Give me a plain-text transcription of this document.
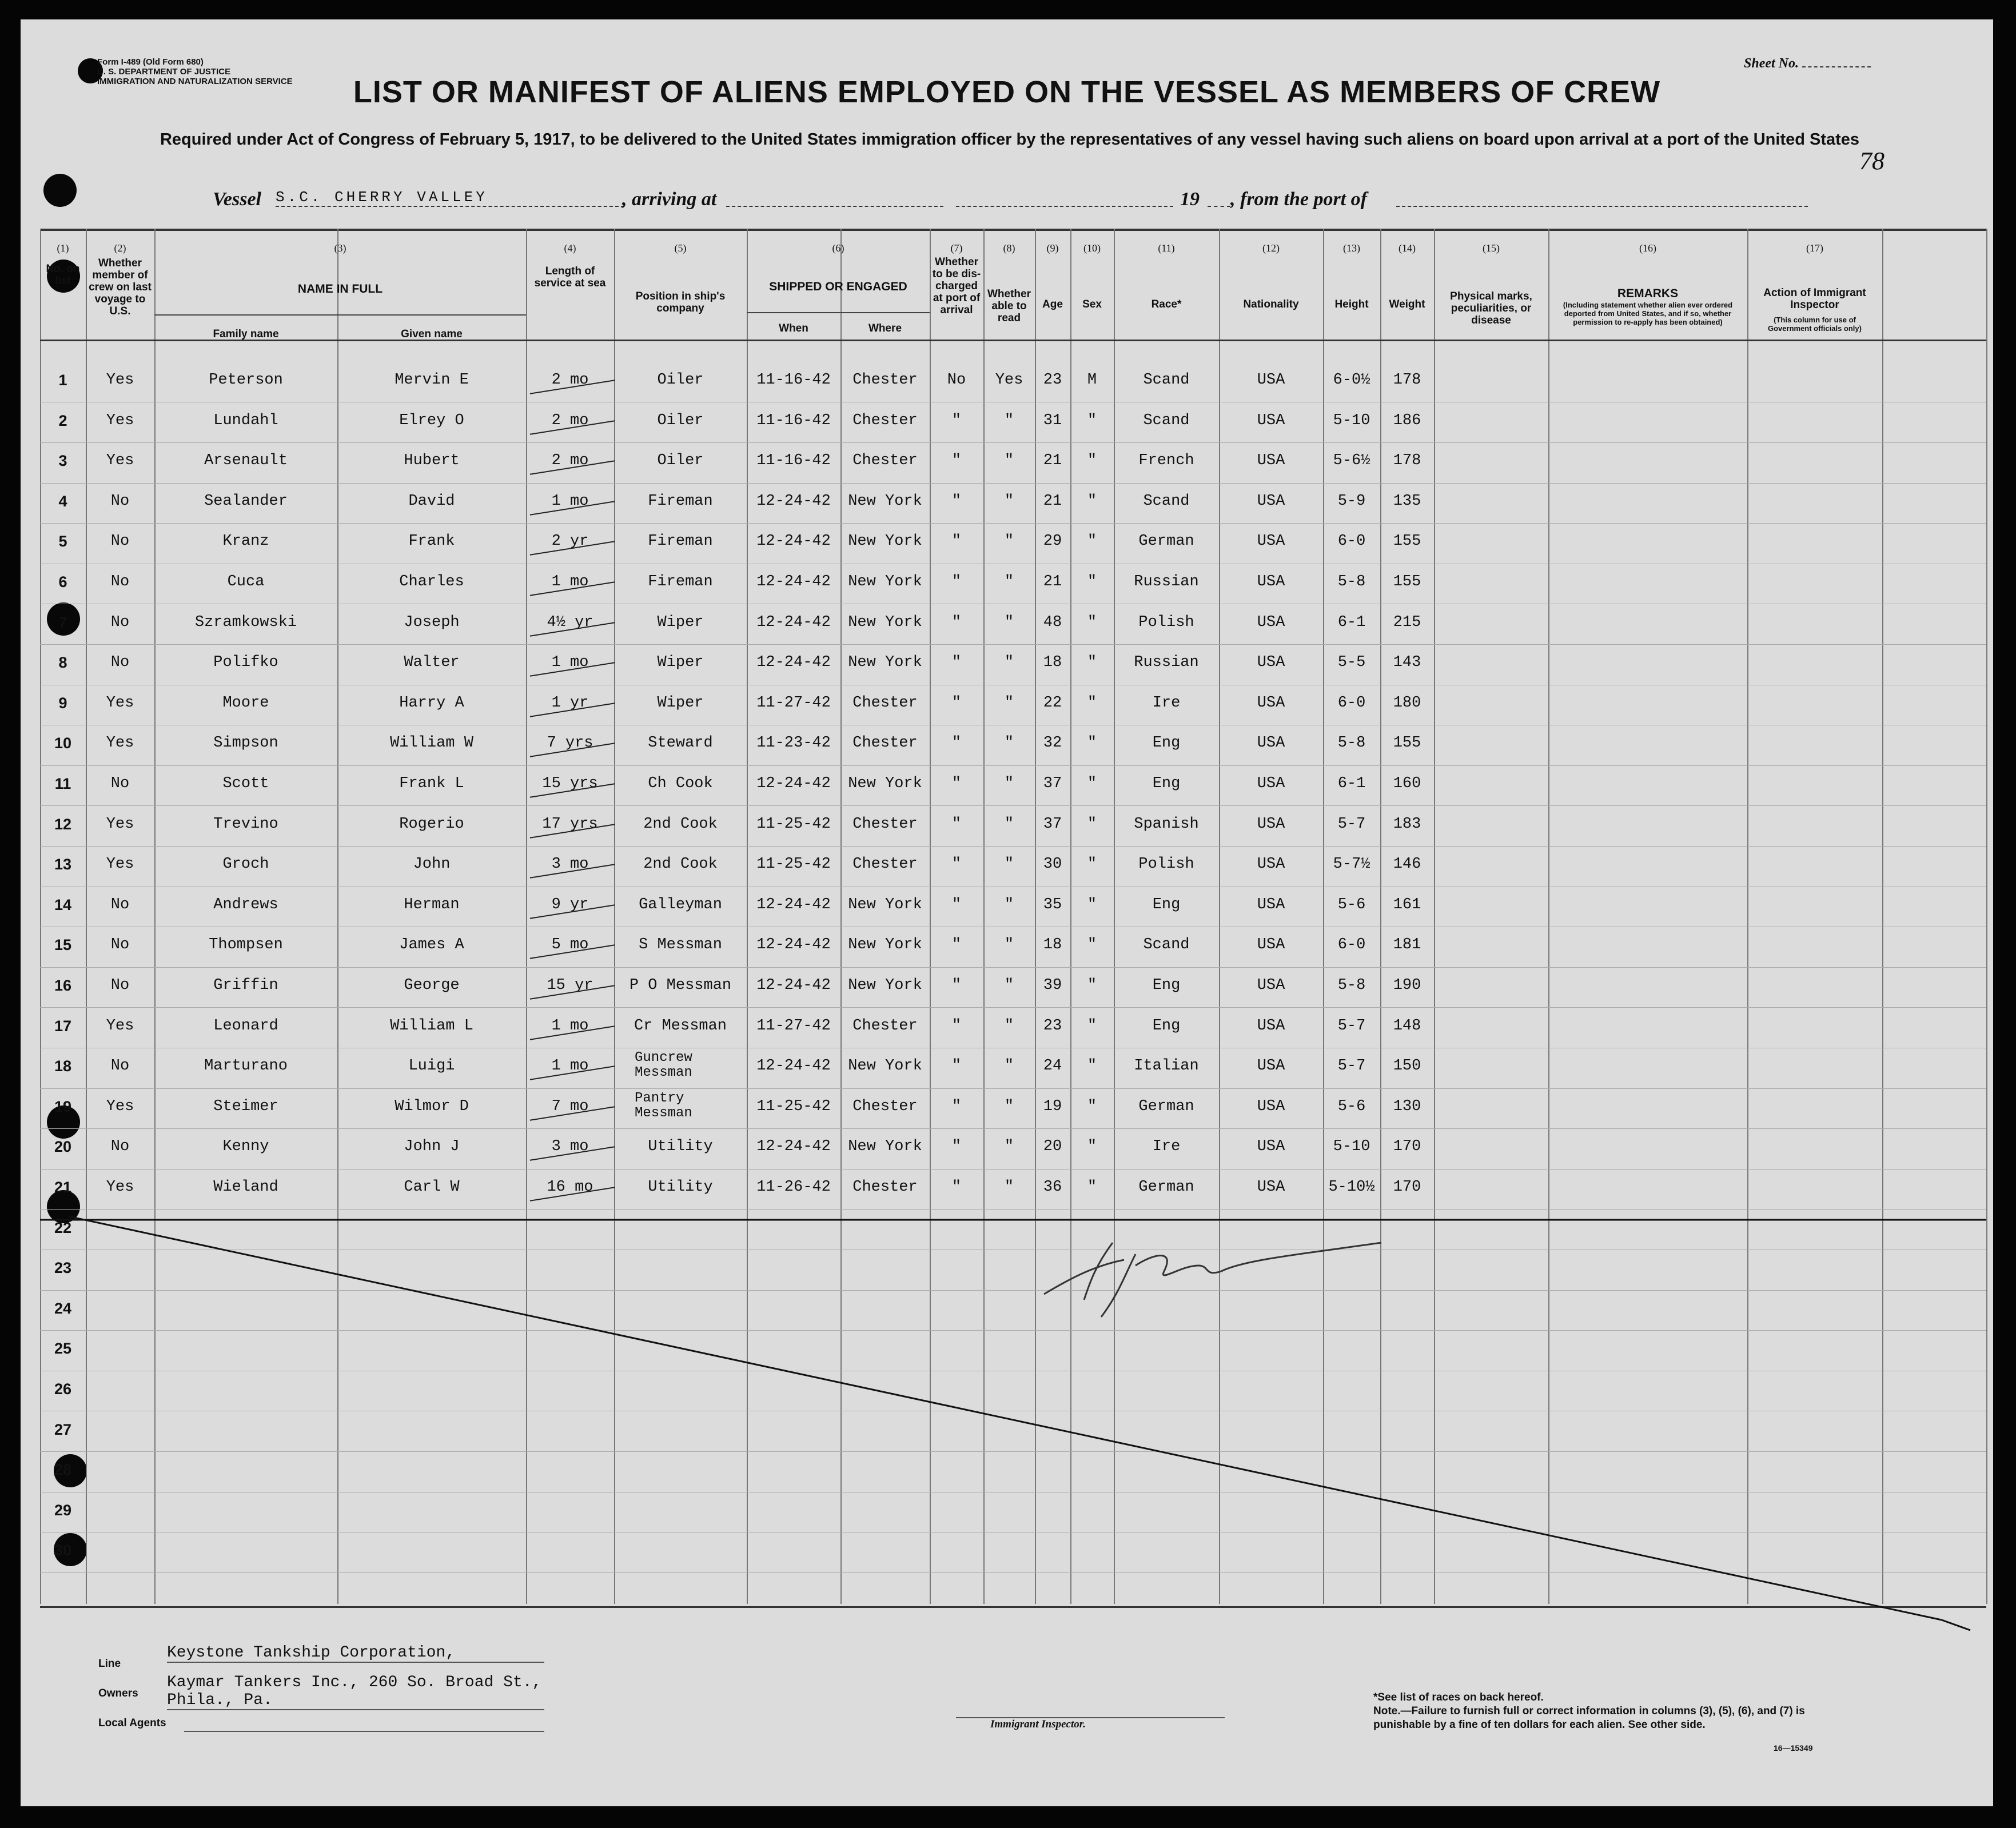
Form I-489 (Old Form 680)
U. S. DEPARTMENT OF JUSTICE
IMMIGRATION AND NATURALIZATION SERVICE
Sheet No.
LIST OR MANIFEST OF ALIENS EMPLOYED ON THE VESSEL AS MEMBERS OF CREW
Required under Act of Congress of February 5, 1917, to be delivered to the United States immigration officer by the representatives of any vessel having such aliens on board upon arrival at a port of the United States
78
Vessel S.C. CHERRY VALLEY	, arriving at	19 , from the port of
(1)
No. on list
(2)
Whether member of crew on last voyage to U.S.
(3)
NAME IN FULL
Family name	Given name
(4)
Length of service at sea
(5)
Position in ship's company
(6)
SHIPPED OR ENGAGED
When	Where
(7)
Whether to be dis-charged at port of arrival
(8)
Whether able to read
(9)
Age
(10)
Sex
(11)
Race*
(12)
Nationality
(13)
Height
(14)
Weight
(15)
Physical marks, peculiarities, or disease
(16)
REMARKS
(Including statement whether alien ever ordered deported from United States, and if so, whether permission to re-apply has been obtained)
(17)
Action of Immigrant Inspector
(This column for use of Government officials only)
1	Yes	Peterson	Mervin E	2 mo	Oiler	11-16-42	Chester	No	Yes	23	M	Scand	USA	6-0½	178
2	Yes	Lundahl	Elrey O	2 mo	Oiler	11-16-42	Chester	"	"	31	"	Scand	USA	5-10	186
3	Yes	Arsenault	Hubert	2 mo	Oiler	11-16-42	Chester	"	"	21	"	French	USA	5-6½	178
4	No	Sealander	David	1 mo	Fireman	12-24-42	New York	"	"	21	"	Scand	USA	5-9	135
5	No	Kranz	Frank	2 yr	Fireman	12-24-42	New York	"	"	29	"	German	USA	6-0	155
6	No	Cuca	Charles	1 mo	Fireman	12-24-42	New York	"	"	21	"	Russian	USA	5-8	155
7	No	Szramkowski	Joseph	4½ yr	Wiper	12-24-42	New York	"	"	48	"	Polish	USA	6-1	215
8	No	Polifko	Walter	1 mo	Wiper	12-24-42	New York	"	"	18	"	Russian	USA	5-5	143
9	Yes	Moore	Harry A	1 yr	Wiper	11-27-42	Chester	"	"	22	"	Ire	USA	6-0	180
10	Yes	Simpson	William W	7 yrs	Steward	11-23-42	Chester	"	"	32	"	Eng	USA	5-8	155
11	No	Scott	Frank L	15 yrs	Ch Cook	12-24-42	New York	"	"	37	"	Eng	USA	6-1	160
12	Yes	Trevino	Rogerio	17 yrs	2nd Cook	11-25-42	Chester	"	"	37	"	Spanish	USA	5-7	183
13	Yes	Groch	John	3 mo	2nd Cook	11-25-42	Chester	"	"	30	"	Polish	USA	5-7½	146
14	No	Andrews	Herman	9 yr	Galleyman	12-24-42	New York	"	"	35	"	Eng	USA	5-6	161
15	No	Thompsen	James A	5 mo	S Messman	12-24-42	New York	"	"	18	"	Scand	USA	6-0	181
16	No	Griffin	George	15 yr	P O Messman	12-24-42	New York	"	"	39	"	Eng	USA	5-8	190
17	Yes	Leonard	William L	1 mo	Cr Messman	11-27-42	Chester	"	"	23	"	Eng	USA	5-7	148
18	No	Marturano	Luigi	1 mo	Guncrew Messman	12-24-42	New York	"	"	24	"	Italian	USA	5-7	150
19	Yes	Steimer	Wilmor D	7 mo	Pantry Messman	11-25-42	Chester	"	"	19	"	German	USA	5-6	130
20	No	Kenny	John J	3 mo	Utility	12-24-42	New York	"	"	20	"	Ire	USA	5-10	170
21	Yes	Wieland	Carl W	16 mo	Utility	11-26-42	Chester	"	"	36	"	German	USA	5-10½	170
22
23
24
25
26
27
28
29
30
Line
Keystone Tankship Corporation,
Owners
Kaymar Tankers Inc., 260 So. Broad St., Phila., Pa.
Local Agents	Immigrant Inspector.
*See list of races on back hereof.
Note.—Failure to furnish full or correct information in columns (3), (5), (6), and (7) is punishable by a fine of ten dollars for each alien. See other side.
16—15349
